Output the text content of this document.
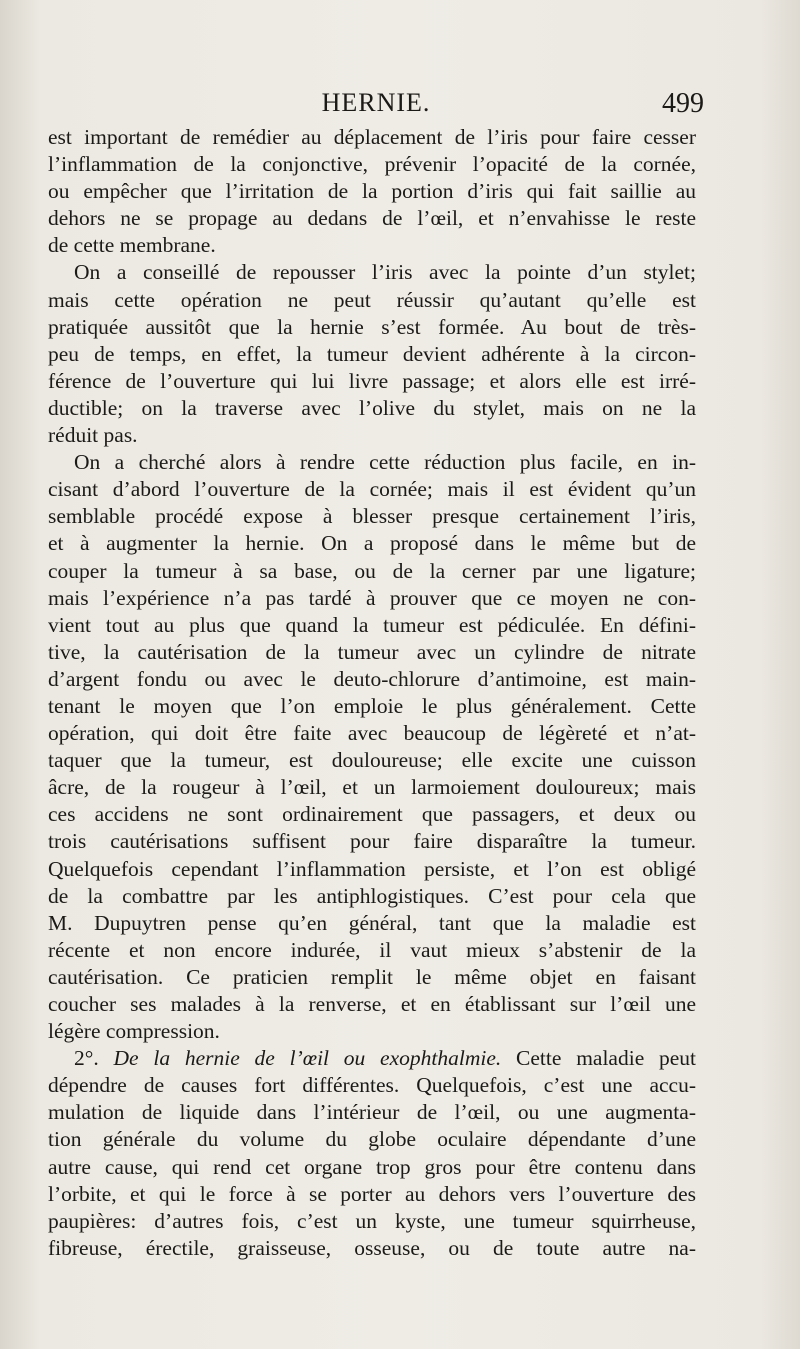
HERNIE.	499
est important de remédier au déplacement de l’iris pour faire cesser
l’inflammation de la conjonctive, prévenir l’opacité de la cornée,
ou empêcher que l’irritation de la portion d’iris qui fait saillie au
dehors ne se propage au dedans de l’œil, et n’envahisse le reste
de cette membrane.
On a conseillé de repousser l’iris avec la pointe d’un stylet;
mais cette opération ne peut réussir qu’autant qu’elle est
pratiquée aussitôt que la hernie s’est formée. Au bout de très-
peu de temps, en effet, la tumeur devient adhérente à la circon-
férence de l’ouverture qui lui livre passage; et alors elle est irré-
ductible; on la traverse avec l’olive du stylet, mais on ne la
réduit pas.
On a cherché alors à rendre cette réduction plus facile, en in-
cisant d’abord l’ouverture de la cornée; mais il est évident qu’un
semblable procédé expose à blesser presque certainement l’iris,
et à augmenter la hernie. On a proposé dans le même but de
couper la tumeur à sa base, ou de la cerner par une ligature;
mais l’expérience n’a pas tardé à prouver que ce moyen ne con-
vient tout au plus que quand la tumeur est pédiculée. En défini-
tive, la cautérisation de la tumeur avec un cylindre de nitrate
d’argent fondu ou avec le deuto-chlorure d’antimoine, est main-
tenant le moyen que l’on emploie le plus généralement. Cette
opération, qui doit être faite avec beaucoup de légèreté et n’at-
taquer que la tumeur, est douloureuse; elle excite une cuisson
âcre, de la rougeur à l’œil, et un larmoiement douloureux; mais
ces accidens ne sont ordinairement que passagers, et deux ou
trois cautérisations suffisent pour faire disparaître la tumeur.
Quelquefois cependant l’inflammation persiste, et l’on est obligé
de la combattre par les antiphlogistiques. C’est pour cela que
M. Dupuytren pense qu’en général, tant que la maladie est
récente et non encore indurée, il vaut mieux s’abstenir de la
cautérisation. Ce praticien remplit le même objet en faisant
coucher ses malades à la renverse, et en établissant sur l’œil une
légère compression.
2°. De la hernie de l’œil ou exophthalmie. Cette maladie peut
dépendre de causes fort différentes. Quelquefois, c’est une accu-
mulation de liquide dans l’intérieur de l’œil, ou une augmenta-
tion générale du volume du globe oculaire dépendante d’une
autre cause, qui rend cet organe trop gros pour être contenu dans
l’orbite, et qui le force à se porter au dehors vers l’ouverture des
paupières: d’autres fois, c’est un kyste, une tumeur squirrheuse,
fibreuse, érectile, graisseuse, osseuse, ou de toute autre na-
